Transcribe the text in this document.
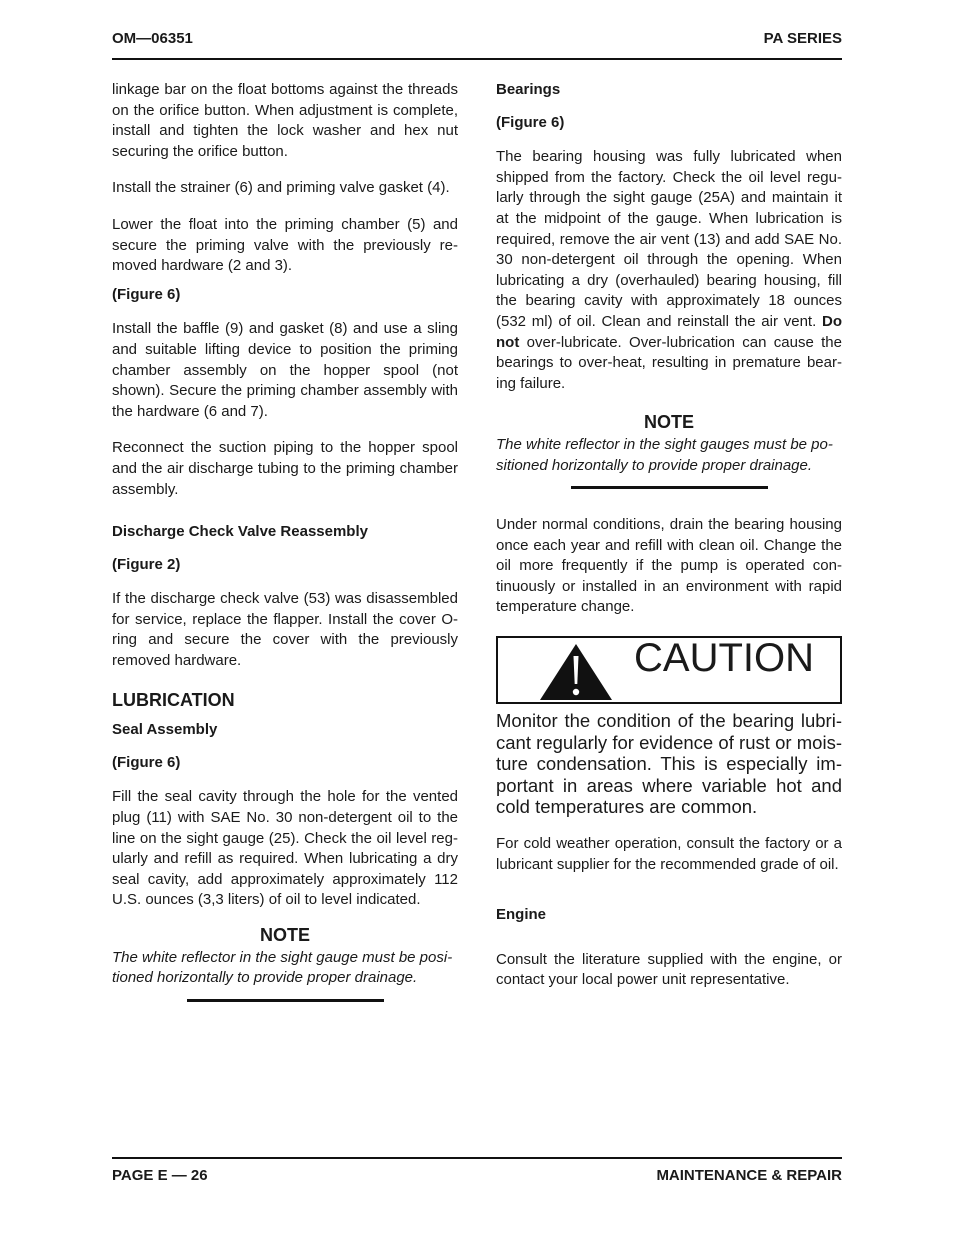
OM—06351	PA SERIES

linkage bar on the float bottoms against the threads on the orifice button. When adjustment is complete, install and tighten the lock washer and hex nut securing the orifice button.

Install the strainer (6) and priming valve gasket (4).

Lower the float into the priming chamber (5) and secure the priming valve with the previously removed hardware (2 and 3).

(Figure 6)

Install the baffle (9) and gasket (8) and use a sling and suitable lifting device to position the priming chamber assembly on the hopper spool (not shown). Secure the priming chamber assembly with the hardware (6 and 7).

Reconnect the suction piping to the hopper spool and the air discharge tubing to the priming chamber assembly.

Discharge Check Valve Reassembly
(Figure 2)

If the discharge check valve (53) was disassembled for service, replace the flapper. Install the cover O-ring and secure the cover with the previously removed hardware.

LUBRICATION
Seal Assembly
(Figure 6)

Fill the seal cavity through the hole for the vented plug (11) with SAE No. 30 non-detergent oil to the line on the sight gauge (25). Check the oil level regularly and refill as required. When lubricating a dry seal cavity, add approximately approximately 112 U.S. ounces (3,3 liters) of oil to level indicated.

NOTE
The white reflector in the sight gauge must be positioned horizontally to provide proper drainage.
Bearings
(Figure 6)

The bearing housing was fully lubricated when shipped from the factory. Check the oil level regularly through the sight gauge (25A) and maintain it at the midpoint of the gauge. When lubrication is required, remove the air vent (13) and add SAE No. 30 non-detergent oil through the opening. When lubricating a dry (overhauled) bearing housing, fill the bearing cavity with approximately 18 ounces (532 ml) of oil. Clean and reinstall the air vent. Do not over-lubricate. Over-lubrication can cause the bearings to over-heat, resulting in premature bearing failure.

NOTE
The white reflector in the sight gauges must be positioned horizontally to provide proper drainage.

Under normal conditions, drain the bearing housing once each year and refill with clean oil. Change the oil more frequently if the pump is operated continuously or installed in an environment with rapid temperature change.

CAUTION
Monitor the condition of the bearing lubricant regularly for evidence of rust or moisture condensation. This is especially important in areas where variable hot and cold temperatures are common.

For cold weather operation, consult the factory or a lubricant supplier for the recommended grade of oil.

Engine

Consult the literature supplied with the engine, or contact your local power unit representative.

PAGE E — 26	MAINTENANCE & REPAIR
